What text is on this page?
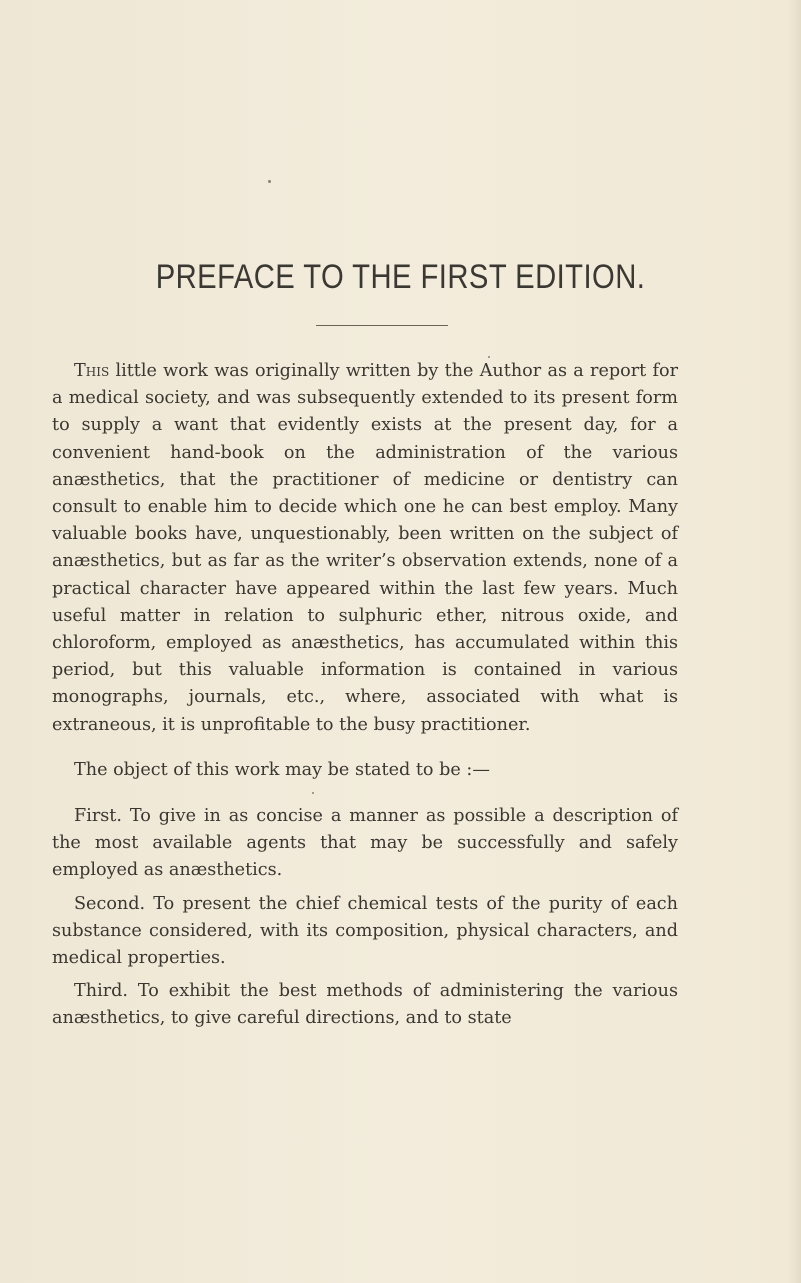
PREFACE TO THE FIRST EDITION.

This little work was originally written by the Author as a report for a medical society, and was subsequently extended to its present form to supply a want that evidently exists at the present day, for a convenient hand-book on the administration of the various anæsthetics, that the practitioner of medicine or dentistry can consult to enable him to decide which one he can best employ. Many valuable books have, unquestionably, been written on the subject of anæsthetics, but as far as the writer’s observation extends, none of a practical character have appeared within the last few years. Much useful matter in relation to sulphuric ether, nitrous oxide, and chloroform, employed as anæsthetics, has accumulated within this period, but this valuable information is contained in various monographs, journals, etc., where, associated with what is extraneous, it is unprofitable to the busy practitioner.

The object of this work may be stated to be :—

First. To give in as concise a manner as possible a description of the most available agents that may be successfully and safely employed as anæsthetics.

Second. To present the chief chemical tests of the purity of each substance considered, with its composition, physical characters, and medical properties.

Third. To exhibit the best methods of administering the various anæsthetics, to give careful directions, and to state
